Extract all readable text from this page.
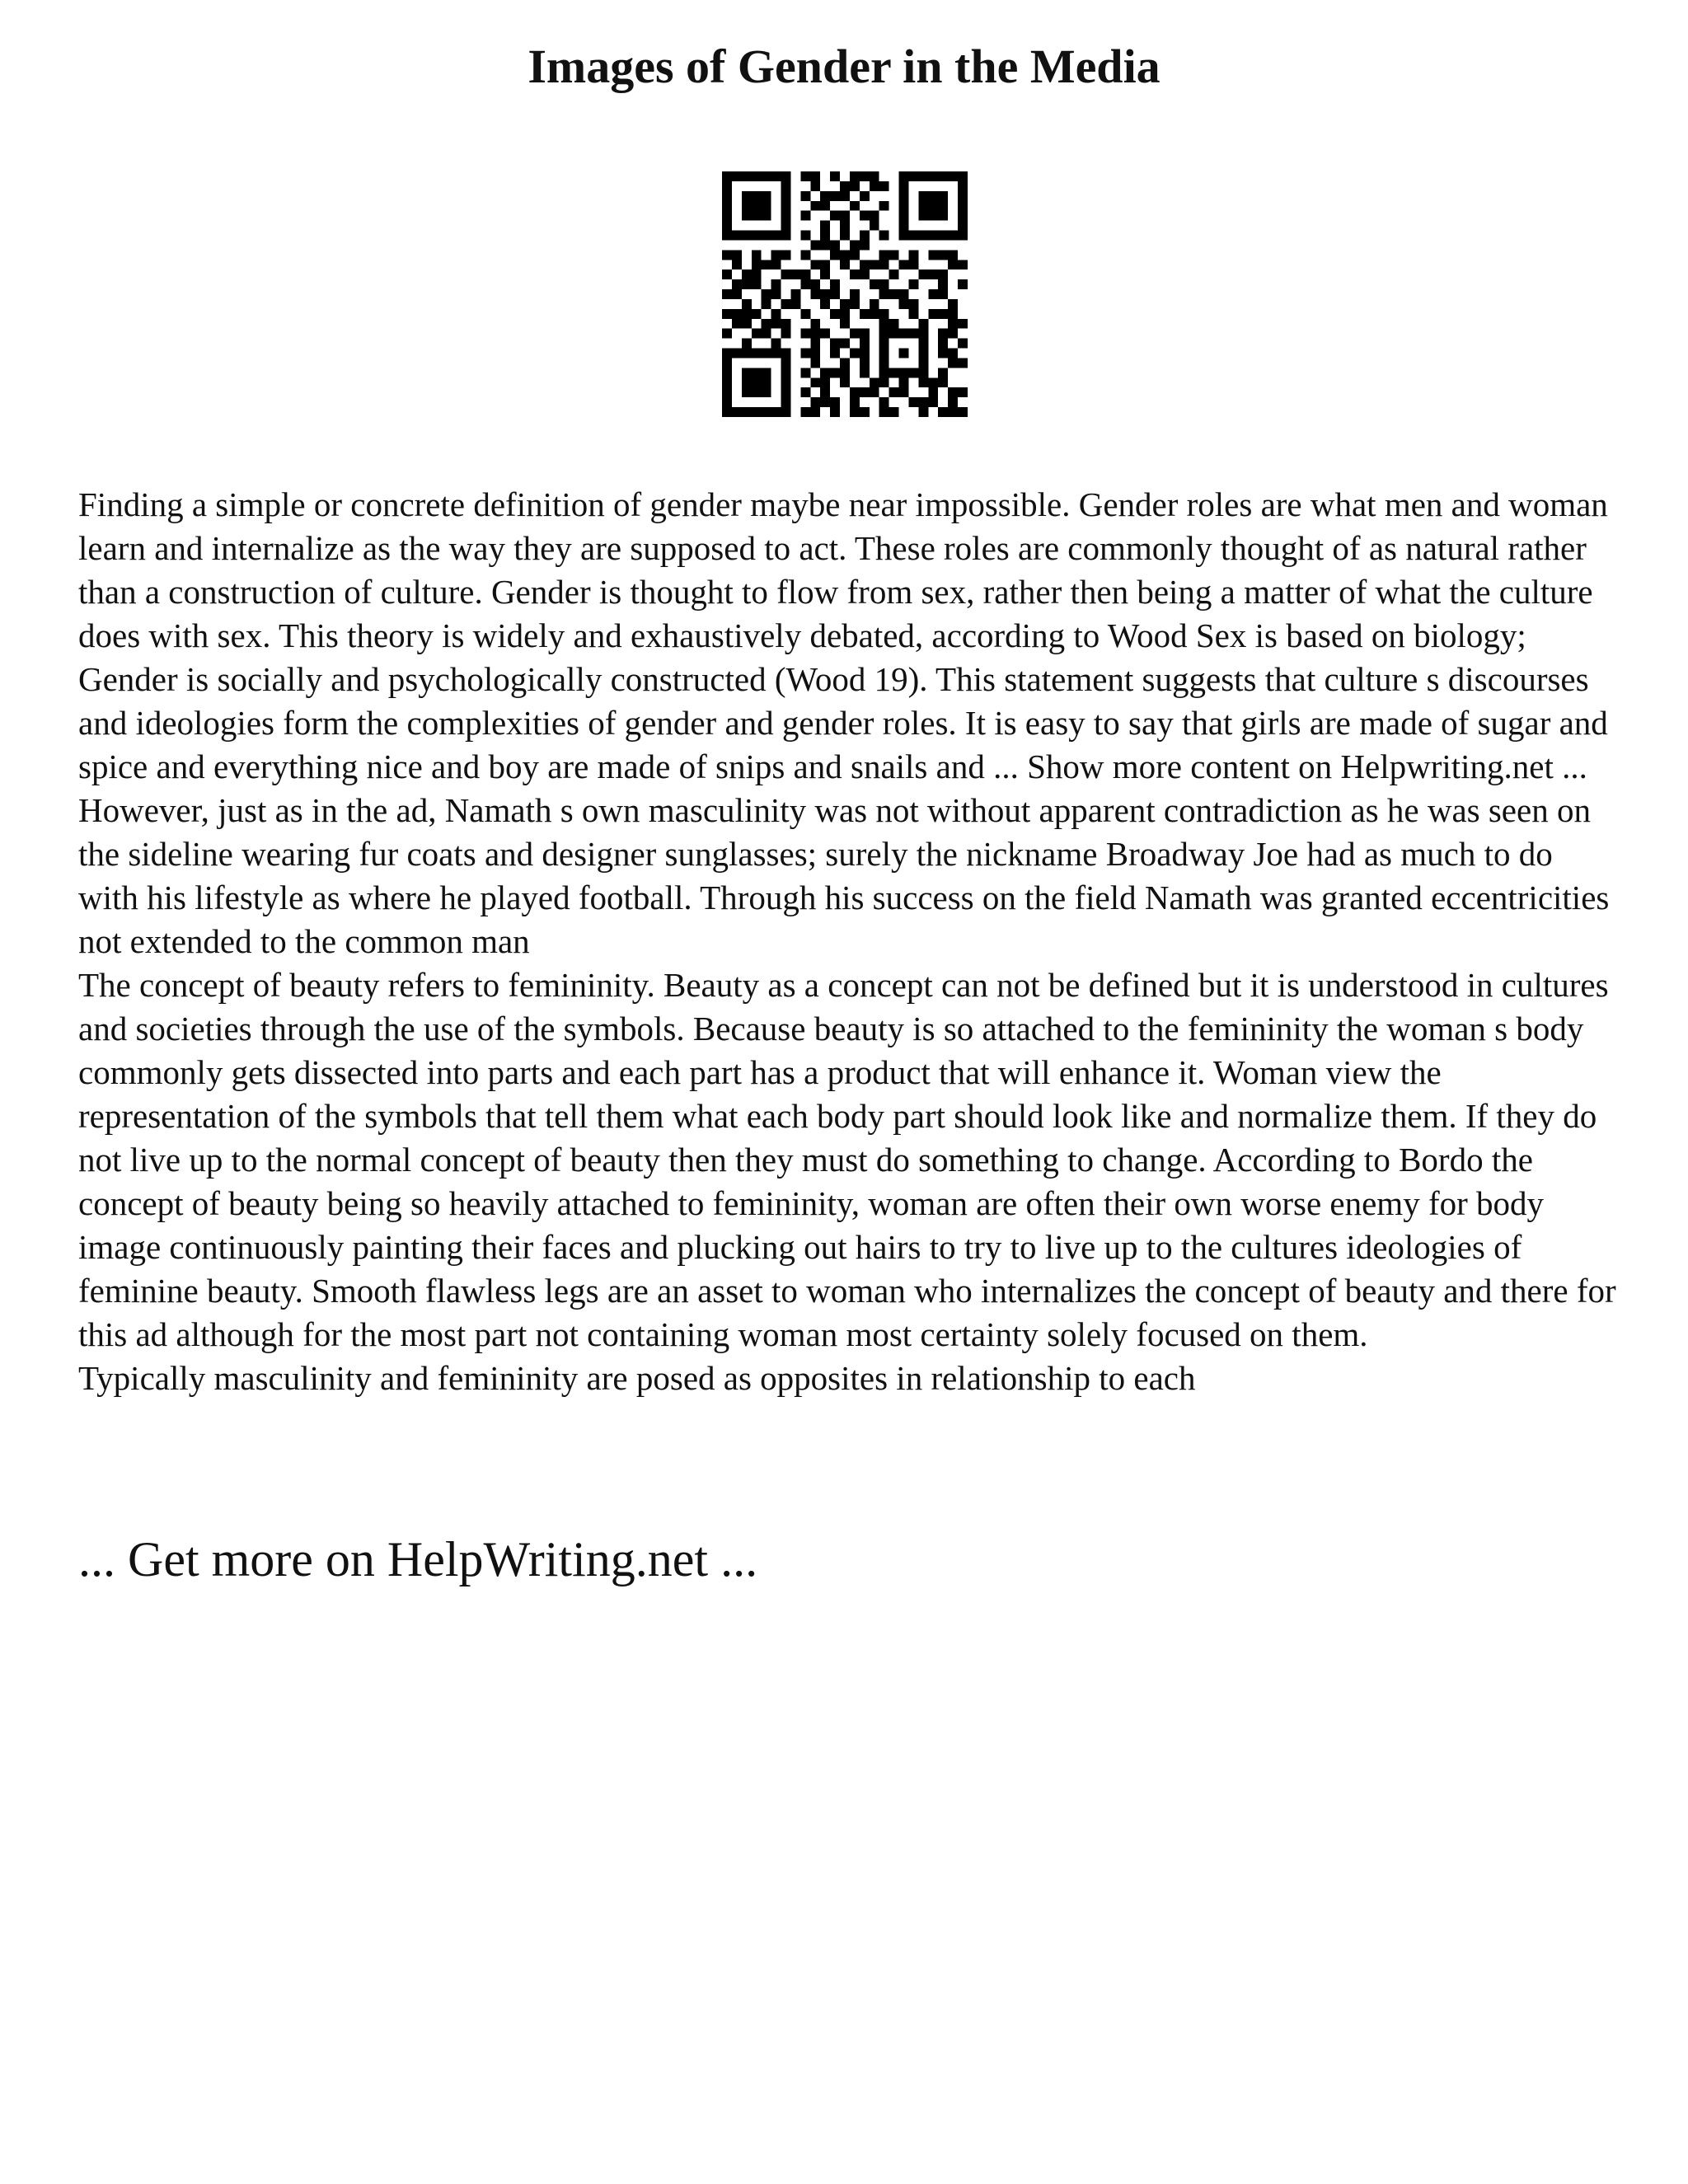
Images of Gender in the Media

Finding a simple or concrete definition of gender maybe near impossible. Gender roles are what men and woman learn and internalize as the way they are supposed to act. These roles are commonly thought of as natural rather than a construction of culture. Gender is thought to flow from sex, rather then being a matter of what the culture does with sex. This theory is widely and exhaustively debated, according to Wood Sex is based on biology; Gender is socially and psychologically constructed (Wood 19). This statement suggests that culture s discourses and ideologies form the complexities of gender and gender roles. It is easy to say that girls are made of sugar and spice and everything nice and boy are made of snips and snails and ... Show more content on Helpwriting.net ...

However, just as in the ad, Namath s own masculinity was not without apparent contradiction as he was seen on the sideline wearing fur coats and designer sunglasses; surely the nickname Broadway Joe had as much to do with his lifestyle as where he played football. Through his success on the field Namath was granted eccentricities not extended to the common man

The concept of beauty refers to femininity. Beauty as a concept can not be defined but it is understood in cultures and societies through the use of the symbols. Because beauty is so attached to the femininity the woman s body commonly gets dissected into parts and each part has a product that will enhance it. Woman view the representation of the symbols that tell them what each body part should look like and normalize them. If they do not live up to the normal concept of beauty then they must do something to change. According to Bordo the concept of beauty being so heavily attached to femininity, woman are often their own worse enemy for body image continuously painting their faces and plucking out hairs to try to live up to the cultures ideologies of feminine beauty. Smooth flawless legs are an asset to woman who internalizes the concept of beauty and there for this ad although for the most part not containing woman most certainty solely focused on them.

Typically masculinity and femininity are posed as opposites in relationship to each

... Get more on HelpWriting.net ...
